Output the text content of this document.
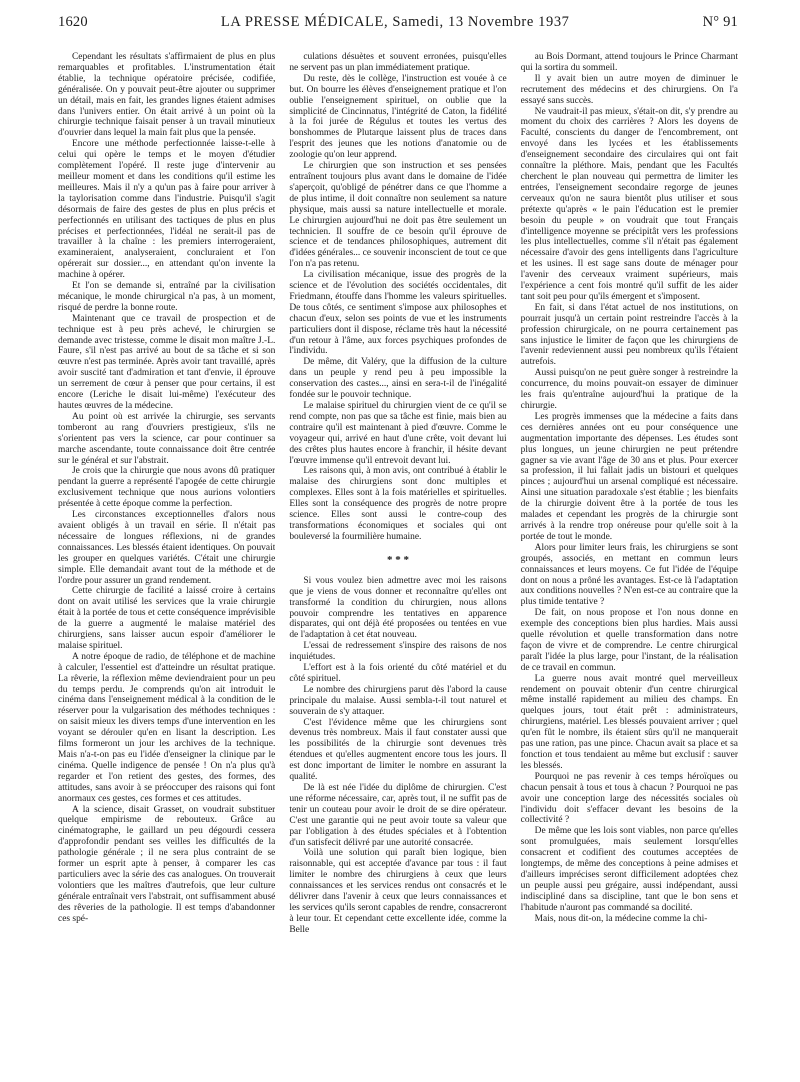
1620	LA PRESSE MÉDICALE, Samedi, 13 Novembre 1937	N° 91

Cependant les résultats s'affirmaient de plus en plus remarquables et profitables. L'instrumentation était établie, la technique opératoire précisée, codifiée, généralisée. On y pouvait peut-être ajouter ou supprimer un détail, mais en fait, les grandes lignes étaient admises dans l'univers entier. On était arrivé à un point où la chirurgie technique faisait penser à un travail minutieux d'ouvrier dans lequel la main fait plus que la pensée.

Encore une méthode perfectionnée laisse-t-elle à celui qui opère le temps et le moyen d'étudier complètement l'opéré. Il reste juge d'intervenir au meilleur moment et dans les conditions qu'il estime les meilleures. Mais il n'y a qu'un pas à faire pour arriver à la taylorisation comme dans l'industrie. Puisqu'il s'agit désormais de faire des gestes de plus en plus précis et perfectionnés en utilisant des tactiques de plus en plus précises et perfectionnées, l'idéal ne serait-il pas de travailler à la chaîne : les premiers interrogeraient, examineraient, analyseraient, concluraient et l'on opérerait sur dossier..., en attendant qu'on invente la machine à opérer.

Et l'on se demande si, entraîné par la civilisation mécanique, le monde chirurgical n'a pas, à un moment, risqué de perdre la bonne route.

Maintenant que ce travail de prospection et de technique est à peu près achevé, le chirurgien se demande avec tristesse, comme le disait mon maître J.-L. Faure, s'il n'est pas arrivé au bout de sa tâche et si son œuvre n'est pas terminée. Après avoir tant travaillé, après avoir suscité tant d'admiration et tant d'envie, il éprouve un serrement de cœur à penser que pour certains, il est encore (Leriche le disait lui-même) l'exécuteur des hautes œuvres de la médecine.

Au point où est arrivée la chirurgie, ses servants tomberont au rang d'ouvriers prestigieux, s'ils ne s'orientent pas vers la science, car pour continuer sa marche ascendante, toute connaissance doit être centrée sur le général et sur l'abstrait.

Je crois que la chirurgie que nous avons dû pratiquer pendant la guerre a représenté l'apogée de cette chirurgie exclusivement technique que nous aurions volontiers présentée à cette époque comme la perfection.

Les circonstances exceptionnelles d'alors nous avaient obligés à un travail en série. Il n'était pas nécessaire de longues réflexions, ni de grandes connaissances. Les blessés étaient identiques. On pouvait les grouper en quelques variétés. C'était une chirurgie simple. Elle demandait avant tout de la méthode et de l'ordre pour assurer un grand rendement.

Cette chirurgie de facilité a laissé croire à certains dont on avait utilisé les services que la vraie chirurgie était à la portée de tous et cette conséquence imprévisible de la guerre a augmenté le malaise matériel des chirurgiens, sans laisser aucun espoir d'améliorer le malaise spirituel.

A notre époque de radio, de téléphone et de machine à calculer, l'essentiel est d'atteindre un résultat pratique. La rêverie, la réflexion même deviendraient pour un peu du temps perdu. Je comprends qu'on ait introduit le cinéma dans l'enseignement médical à la condition de le réserver pour la vulgarisation des méthodes techniques : on saisit mieux les divers temps d'une intervention en les voyant se dérouler qu'en en lisant la description. Les films formeront un jour les archives de la technique. Mais n'a-t-on pas eu l'idée d'enseigner la clinique par le cinéma. Quelle indigence de pensée ! On n'a plus qu'à regarder et l'on retient des gestes, des formes, des attitudes, sans avoir à se préoccuper des raisons qui font anormaux ces gestes, ces formes et ces attitudes.

A la science, disait Grasset, on voudrait substituer quelque empirisme de rebouteux. Grâce au cinématographe, le gaillard un peu dégourdi cessera d'approfondir pendant ses veilles les difficultés de la pathologie générale ; il ne sera plus contraint de se former un esprit apte à penser, à comparer les cas particuliers avec la série des cas analogues. On trouverait volontiers que les maîtres d'autrefois, que leur culture générale entraînait vers l'abstrait, ont suffisamment abusé des rêveries de la pathologie. Il est temps d'abandonner ces spé-

culations désuètes et souvent erronées, puisqu'elles ne servent pas un plan immédiatement pratique.

Du reste, dès le collège, l'instruction est vouée à ce but. On bourre les élèves d'enseignement pratique et l'on oublie l'enseignement spirituel, on oublie que la simplicité de Cincinnatus, l'intégrité de Caton, la fidélité à la foi jurée de Régulus et toutes les vertus des bonshommes de Plutarque laissent plus de traces dans l'esprit des jeunes que les notions d'anatomie ou de zoologie qu'on leur apprend.

Le chirurgien que son instruction et ses pensées entraînent toujours plus avant dans le domaine de l'idée s'aperçoit, qu'obligé de pénétrer dans ce que l'homme a de plus intime, il doit connaître non seulement sa nature physique, mais aussi sa nature intellectuelle et morale. Le chirurgien aujourd'hui ne doit pas être seulement un technicien. Il souffre de ce besoin qu'il éprouve de science et de tendances philosophiques, autrement dit d'idées générales... ce souvenir inconscient de tout ce que l'on n'a pas retenu.

La civilisation mécanique, issue des progrès de la science et de l'évolution des sociétés occidentales, dit Friedmann, étouffe dans l'homme les valeurs spirituelles. De tous côtés, ce sentiment s'impose aux philosophes et chacun d'eux, selon ses points de vue et les instruments particuliers dont il dispose, réclame très haut la nécessité d'un retour à l'âme, aux forces psychiques profondes de l'individu.

De même, dit Valéry, que la diffusion de la culture dans un peuple y rend peu à peu impossible la conservation des castes..., ainsi en sera-t-il de l'inégalité fondée sur le pouvoir technique.

Le malaise spirituel du chirurgien vient de ce qu'il se rend compte, non pas que sa tâche est finie, mais bien au contraire qu'il est maintenant à pied d'œuvre. Comme le voyageur qui, arrivé en haut d'une crête, voit devant lui des crêtes plus hautes encore à franchir, il hésite devant l'œuvre immense qu'il entrevoit devant lui.

Les raisons qui, à mon avis, ont contribué à établir le malaise des chirurgiens sont donc multiples et complexes. Elles sont à la fois matérielles et spirituelles. Elles sont la conséquence des progrès de notre propre science. Elles sont aussi le contre-coup des transformations économiques et sociales qui ont bouleversé la fourmilière humaine.

* * *

Si vous voulez bien admettre avec moi les raisons que je viens de vous donner et reconnaître qu'elles ont transformé la condition du chirurgien, nous allons pouvoir comprendre les tentatives en apparence disparates, qui ont déjà été proposées ou tentées en vue de l'adaptation à cet état nouveau.

L'essai de redressement s'inspire des raisons de nos inquiétudes.

L'effort est à la fois orienté du côté matériel et du côté spirituel.

Le nombre des chirurgiens parut dès l'abord la cause principale du malaise. Aussi sembla-t-il tout naturel et souverain de s'y attaquer.

C'est l'évidence même que les chirurgiens sont devenus très nombreux. Mais il faut constater aussi que les possibilités de la chirurgie sont devenues très étendues et qu'elles augmentent encore tous les jours. Il est donc important de limiter le nombre en assurant la qualité.

De là est née l'idée du diplôme de chirurgien. C'est une réforme nécessaire, car, après tout, il ne suffit pas de tenir un couteau pour avoir le droit de se dire opérateur. C'est une garantie qui ne peut avoir toute sa valeur que par l'obligation à des études spéciales et à l'obtention d'un satisfecit délivré par une autorité consacrée.

Voilà une solution qui paraît bien logique, bien raisonnable, qui est acceptée d'avance par tous : il faut limiter le nombre des chirurgiens à ceux que leurs connaissances et les services rendus ont consacrés et le délivrer dans l'avenir à ceux que leurs connaissances et les services qu'ils seront capables de rendre, consacreront à leur tour. Et cependant cette excellente idée, comme la Belle

au Bois Dormant, attend toujours le Prince Charmant qui la sortira du sommeil.

Il y avait bien un autre moyen de diminuer le recrutement des médecins et des chirurgiens. On l'a essayé sans succès.

Ne vaudrait-il pas mieux, s'était-on dit, s'y prendre au moment du choix des carrières ? Alors les doyens de Faculté, conscients du danger de l'encombrement, ont envoyé dans les lycées et les établissements d'enseignement secondaire des circulaires qui ont fait connaître la pléthore. Mais, pendant que les Facultés cherchent le plan nouveau qui permettra de limiter les entrées, l'enseignement secondaire regorge de jeunes cerveaux qu'on ne saura bientôt plus utiliser et sous prétexte qu'après « le pain l'éducation est le premier besoin du peuple » on voudrait que tout Français d'intelligence moyenne se précipitât vers les professions les plus intellectuelles, comme s'il n'était pas également nécessaire d'avoir des gens intelligents dans l'agriculture et les usines. Il est sage sans doute de ménager pour l'avenir des cerveaux vraiment supérieurs, mais l'expérience a cent fois montré qu'il suffit de les aider tant soit peu pour qu'ils émergent et s'imposent.

En fait, si dans l'état actuel de nos institutions, on pourrait jusqu'à un certain point restreindre l'accès à la profession chirurgicale, on ne pourra certainement pas sans injustice le limiter de façon que les chirurgiens de l'avenir redeviennent aussi peu nombreux qu'ils l'étaient autrefois.

Aussi puisqu'on ne peut guère songer à restreindre la concurrence, du moins pouvait-on essayer de diminuer les frais qu'entraîne aujourd'hui la pratique de la chirurgie.

Les progrès immenses que la médecine a faits dans ces dernières années ont eu pour conséquence une augmentation importante des dépenses. Les études sont plus longues, un jeune chirurgien ne peut prétendre gagner sa vie avant l'âge de 30 ans et plus. Pour exercer sa profession, il lui fallait jadis un bistouri et quelques pinces ; aujourd'hui un arsenal compliqué est nécessaire. Ainsi une situation paradoxale s'est établie ; les bienfaits de la chirurgie doivent être à la portée de tous les malades et cependant les progrès de la chirurgie sont arrivés à la rendre trop onéreuse pour qu'elle soit à la portée de tout le monde.

Alors pour limiter leurs frais, les chirurgiens se sont groupés, associés, en mettant en commun leurs connaissances et leurs moyens. Ce fut l'idée de l'équipe dont on nous a prôné les avantages. Est-ce là l'adaptation aux conditions nouvelles ? N'en est-ce au contraire que la plus timide tentative ?

De fait, on nous propose et l'on nous donne en exemple des conceptions bien plus hardies. Mais aussi quelle révolution et quelle transformation dans notre façon de vivre et de comprendre. Le centre chirurgical paraît l'idée la plus large, pour l'instant, de la réalisation de ce travail en commun.

La guerre nous avait montré quel merveilleux rendement on pouvait obtenir d'un centre chirurgical même installé rapidement au milieu des champs. En quelques jours, tout était prêt : administrateurs, chirurgiens, matériel. Les blessés pouvaient arriver ; quel qu'en fût le nombre, ils étaient sûrs qu'il ne manquerait pas une ration, pas une pince. Chacun avait sa place et sa fonction et tous tendaient au même but exclusif : sauver les blessés.

Pourquoi ne pas revenir à ces temps héroïques ou chacun pensait à tous et tous à chacun ? Pourquoi ne pas avoir une conception large des nécessités sociales où l'individu doit s'effacer devant les besoins de la collectivité ?

De même que les lois sont viables, non parce qu'elles sont promulguées, mais seulement lorsqu'elles consacrent et codifient des coutumes acceptées de longtemps, de même des conceptions à peine admises et d'ailleurs imprécises seront difficilement adoptées chez un peuple aussi peu grégaire, aussi indépendant, aussi indiscipliné dans sa discipline, tant que le bon sens et l'habitude n'auront pas commandé sa docilité.

Mais, nous dit-on, la médecine comme la chi-
